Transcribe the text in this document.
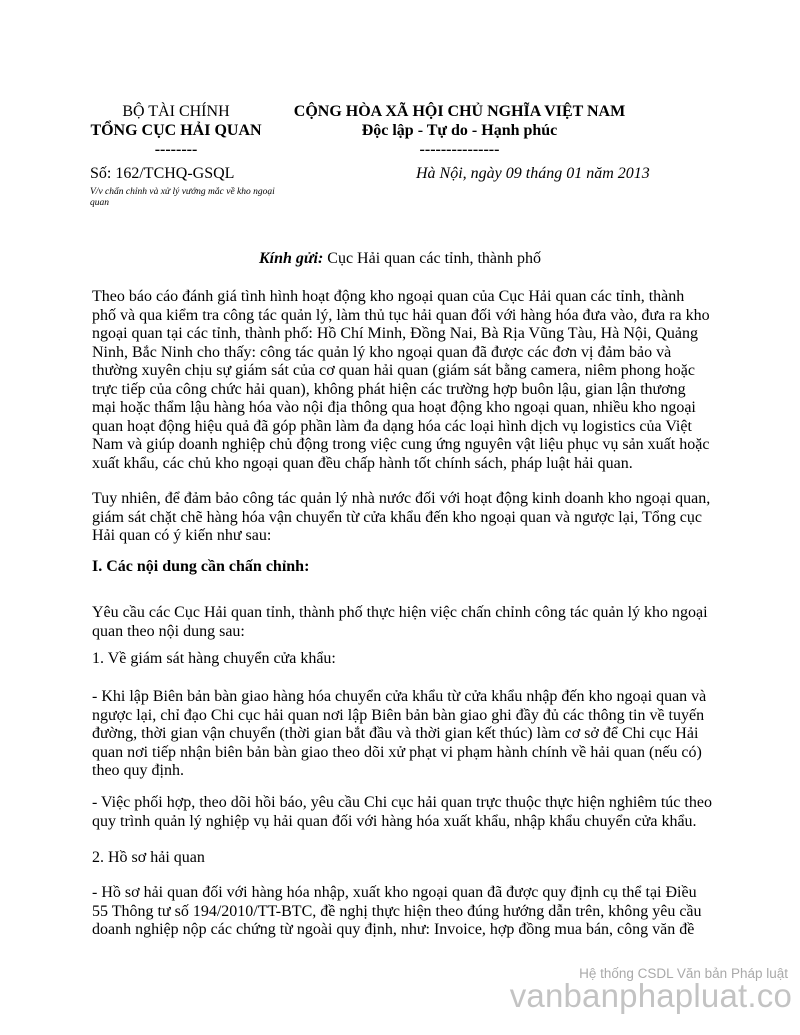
BỘ TÀI CHÍNH
TỔNG CỤC HẢI QUAN
--------
CỘNG HÒA XÃ HỘI CHỦ NGHĨA VIỆT NAM
Độc lập - Tự do - Hạnh phúc
---------------
Số: 162/TCHQ-GSQL
V/v chấn chỉnh và xử lý vướng mắc về kho ngoại quan
Hà Nội, ngày 09 tháng 01 năm 2013
Kính gửi: Cục Hải quan các tỉnh, thành phố

Theo báo cáo đánh giá tình hình hoạt động kho ngoại quan của Cục Hải quan các tỉnh, thành phố và qua kiểm tra công tác quản lý, làm thủ tục hải quan đối với hàng hóa đưa vào, đưa ra kho ngoại quan tại các tỉnh, thành phố: Hồ Chí Minh, Đồng Nai, Bà Rịa Vũng Tàu, Hà Nội, Quảng Ninh, Bắc Ninh cho thấy: công tác quản lý kho ngoại quan đã được các đơn vị đảm bảo và thường xuyên chịu sự giám sát của cơ quan hải quan (giám sát bằng camera, niêm phong hoặc trực tiếp của công chức hải quan), không phát hiện các trường hợp buôn lậu, gian lận thương mại hoặc thẩm lậu hàng hóa vào nội địa thông qua hoạt động kho ngoại quan, nhiều kho ngoại quan hoạt động hiệu quả đã góp phần làm đa dạng hóa các loại hình dịch vụ logistics của Việt Nam và giúp doanh nghiệp chủ động trong việc cung ứng nguyên vật liệu phục vụ sản xuất hoặc xuất khẩu, các chủ kho ngoại quan đều chấp hành tốt chính sách, pháp luật hải quan.

Tuy nhiên, để đảm bảo công tác quản lý nhà nước đối với hoạt động kinh doanh kho ngoại quan, giám sát chặt chẽ hàng hóa vận chuyển từ cửa khẩu đến kho ngoại quan và ngược lại, Tổng cục Hải quan có ý kiến như sau:

I. Các nội dung cần chấn chỉnh:

Yêu cầu các Cục Hải quan tỉnh, thành phố thực hiện việc chấn chỉnh công tác quản lý kho ngoại quan theo nội dung sau:

1. Về giám sát hàng chuyển cửa khẩu:

- Khi lập Biên bản bàn giao hàng hóa chuyển cửa khẩu từ cửa khẩu nhập đến kho ngoại quan và ngược lại, chỉ đạo Chi cục hải quan nơi lập Biên bản bàn giao ghi đầy đủ các thông tin về tuyến đường, thời gian vận chuyển (thời gian bắt đầu và thời gian kết thúc) làm cơ sở để Chi cục Hải quan nơi tiếp nhận biên bản bàn giao theo dõi xử phạt vi phạm hành chính về hải quan (nếu có) theo quy định.

- Việc phối hợp, theo dõi hồi báo, yêu cầu Chi cục hải quan trực thuộc thực hiện nghiêm túc theo quy trình quản lý nghiệp vụ hải quan đối với hàng hóa xuất khẩu, nhập khẩu chuyển cửa khẩu.

2. Hồ sơ hải quan

- Hồ sơ hải quan đối với hàng hóa nhập, xuất kho ngoại quan đã được quy định cụ thể tại Điều 55 Thông tư số 194/2010/TT-BTC, đề nghị thực hiện theo đúng hướng dẫn trên, không yêu cầu doanh nghiệp nộp các chứng từ ngoài quy định, như: Invoice, hợp đồng mua bán, công văn đề

Hệ thống CSDL Văn bản Pháp luật
vanbanphapluat.co
